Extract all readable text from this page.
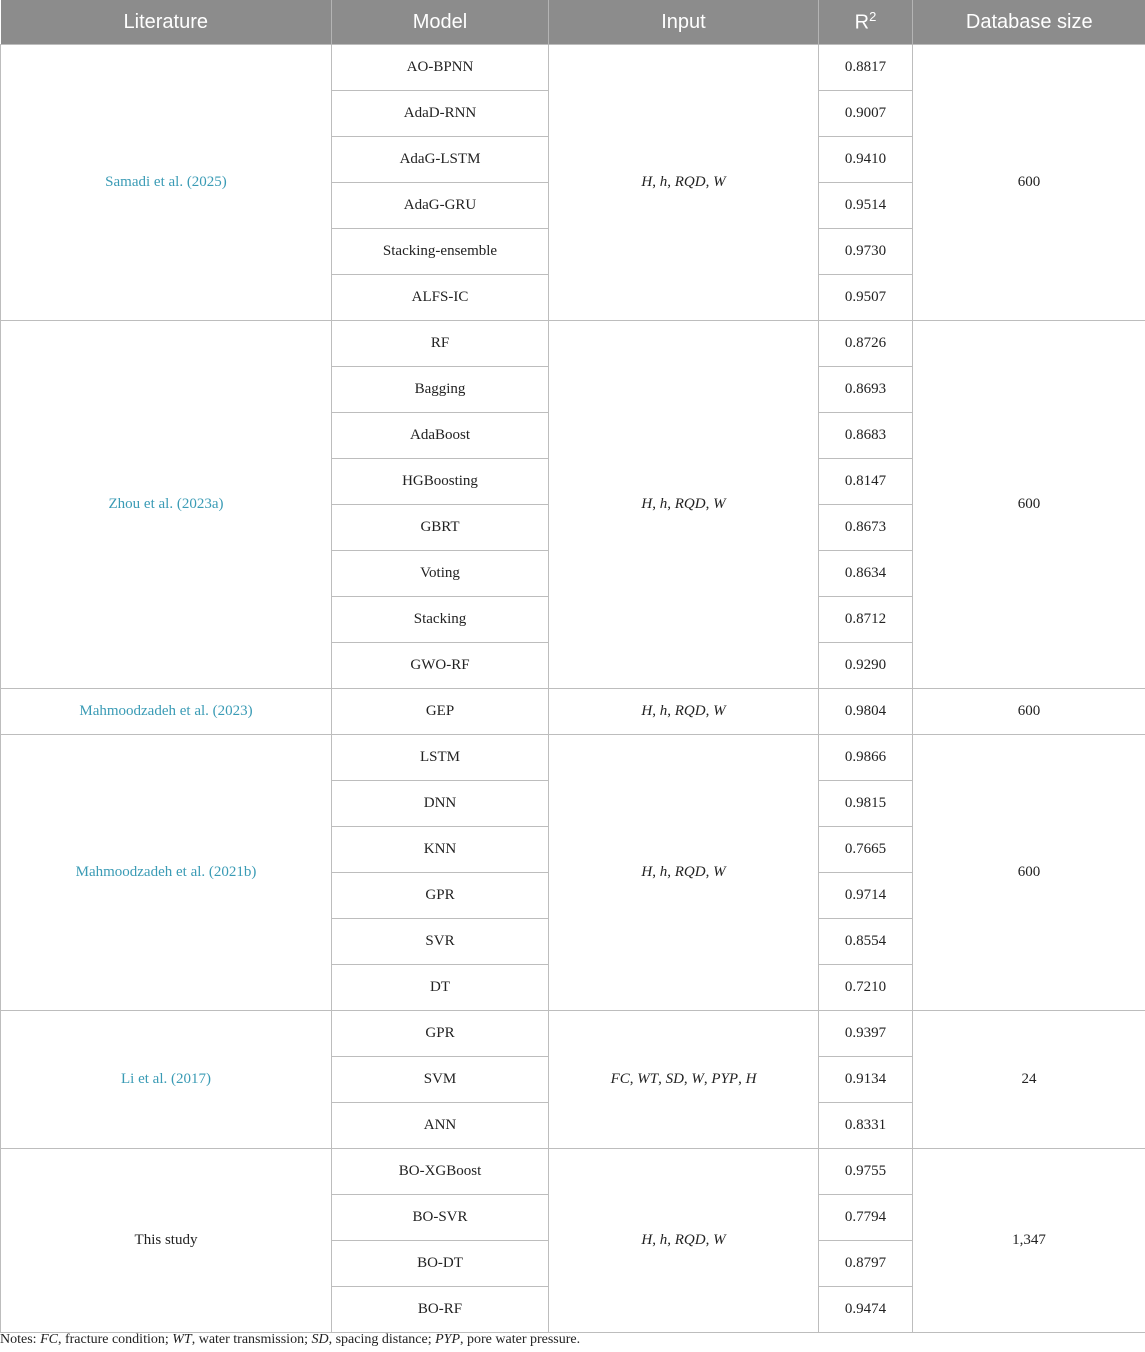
Literature	Model	Input	$R^2$	Database size
Samadi et al. (2025)	AO-BPNN	H, h, RQD, W	0.8817	600
	AdaD-RNN		0.9007	
	AdaG-LSTM		0.9410	
	AdaG-GRU		0.9514	
	Stacking-ensemble		0.9730	
	ALFS-IC		0.9507	
Zhou et al. (2023a)	RF	H, h, RQD, W	0.8726	600
	Bagging		0.8693	
	AdaBoost		0.8683	
	HGBoosting		0.8147	
	GBRT		0.8673	
	Voting		0.8634	
	Stacking		0.8712	
	GWO-RF		0.9290	
Mahmoodzadeh et al. (2023)	GEP	H, h, RQD, W	0.9804	600
Mahmoodzadeh et al. (2021b)	LSTM	H, h, RQD, W	0.9866	600
	DNN		0.9815	
	KNN		0.7665	
	GPR		0.9714	
	SVR		0.8554	
	DT		0.7210	
Li et al. (2017)	GPR	FC, WT, SD, W, PYP, H	0.9397	24
	SVM		0.9134	
	ANN		0.8331	
This study	BO-XGBoost	H, h, RQD, W	0.9755	1,347
	BO-SVR		0.7794	
	BO-DT		0.8797	
	BO-RF		0.9474	
Notes: FC, fracture condition; WT, water transmission; SD, spacing distance; PYP, pore water pressure.
